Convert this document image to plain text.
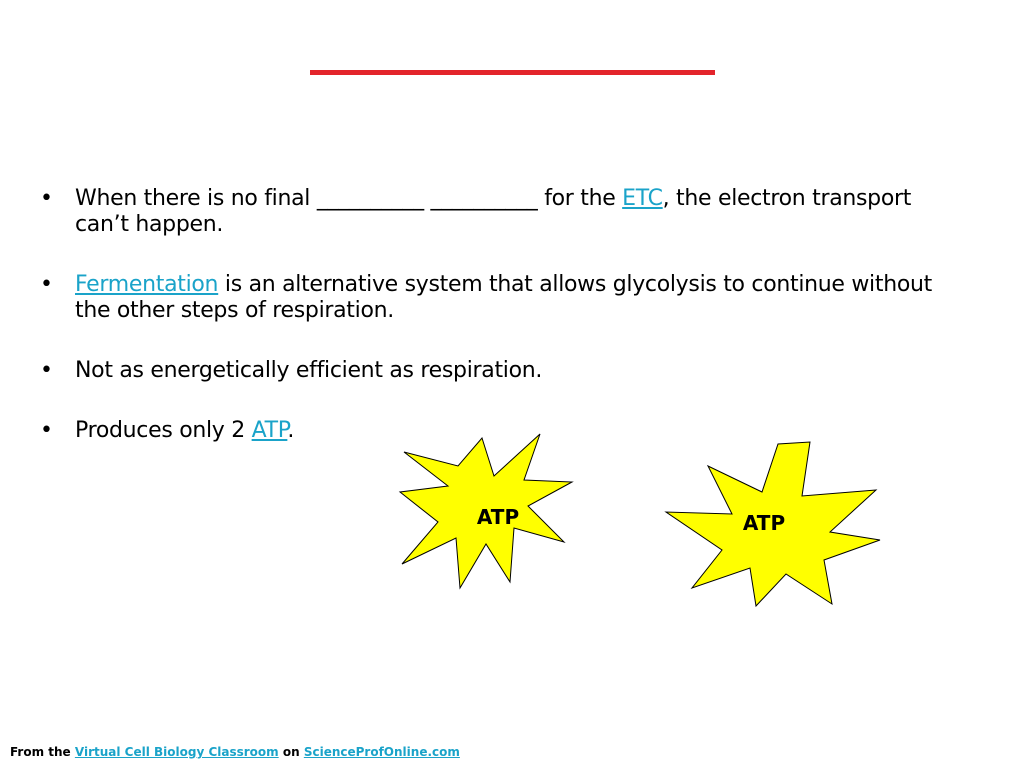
• When there is no final __________ __________ for the ETC, the electron transport can’t happen.
• Fermentation is an alternative system that allows glycolysis to continue without the other steps of respiration.
• Not as energetically efficient as respiration.
• Produces only 2 ATP.
ATP	ATP
From the Virtual Cell Biology Classroom on ScienceProfOnline.com
